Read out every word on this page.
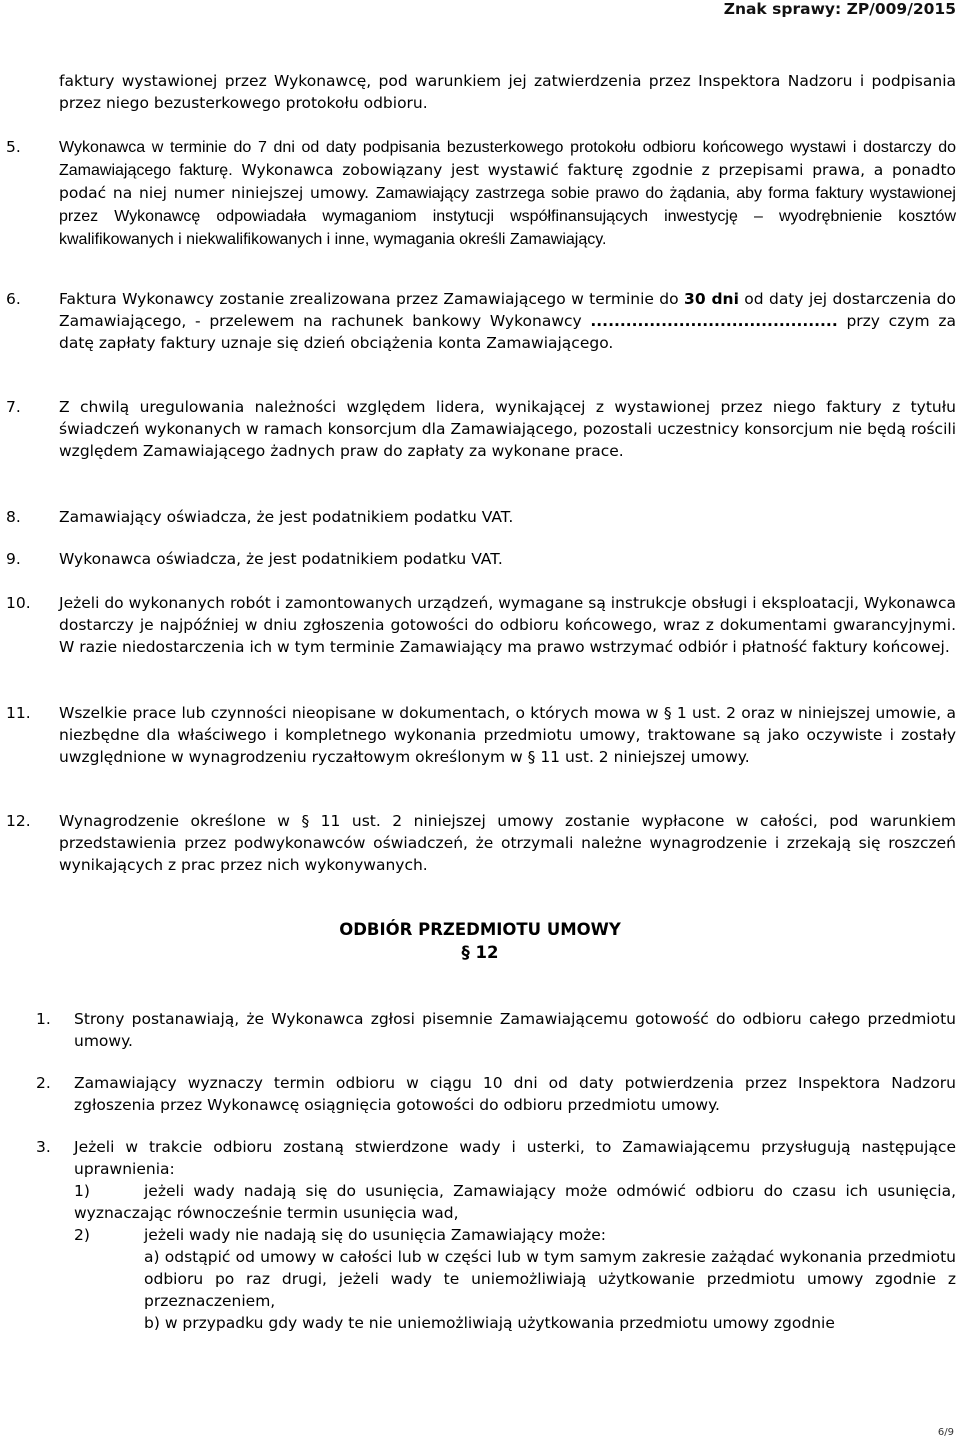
Znak sprawy: ZP/009/2015
faktury wystawionej przez Wykonawcę, pod warunkiem jej zatwierdzenia przez Inspektora Nadzoru i podpisania przez niego bezusterkowego protokołu odbioru.
5. Wykonawca w terminie do 7 dni od daty podpisania bezusterkowego protokołu odbioru końcowego wystawi i dostarczy do Zamawiającego fakturę. Wykonawca zobowiązany jest wystawić fakturę zgodnie z przepisami prawa, a ponadto podać na niej numer niniejszej umowy. Zamawiający zastrzega sobie prawo do żądania, aby forma faktury wystawionej przez Wykonawcę odpowiadała wymaganiom instytucji współfinansujących inwestycję – wyodrębnienie kosztów kwalifikowanych i niekwalifikowanych i inne, wymagania określi Zamawiający.
6. Faktura Wykonawcy zostanie zrealizowana przez Zamawiającego w terminie do 30 dni od daty jej dostarczenia do Zamawiającego, - przelewem na rachunek bankowy Wykonawcy .......................................... przy czym za datę zapłaty faktury uznaje się dzień obciążenia konta Zamawiającego.
7. Z chwilą uregulowania należności względem lidera, wynikającej z wystawionej przez niego faktury z tytułu świadczeń wykonanych w ramach konsorcjum dla Zamawiającego, pozostali uczestnicy konsorcjum nie będą rościli względem Zamawiającego żadnych praw do zapłaty za wykonane prace.
8. Zamawiający oświadcza, że jest podatnikiem podatku VAT.
9. Wykonawca oświadcza, że jest podatnikiem podatku VAT.
10. Jeżeli do wykonanych robót i zamontowanych urządzeń, wymagane są instrukcje obsługi i eksploatacji, Wykonawca dostarczy je najpóźniej w dniu zgłoszenia gotowości do odbioru końcowego, wraz z dokumentami gwarancyjnymi. W razie niedostarczenia ich w tym terminie Zamawiający ma prawo wstrzymać odbiór i płatność faktury końcowej.
11. Wszelkie prace lub czynności nieopisane w dokumentach, o których mowa w § 1 ust. 2 oraz w niniejszej umowie, a niezbędne dla właściwego i kompletnego wykonania przedmiotu umowy, traktowane są jako oczywiste i zostały uwzględnione w wynagrodzeniu ryczałtowym określonym w § 11 ust. 2 niniejszej umowy.
12. Wynagrodzenie określone w § 11 ust. 2 niniejszej umowy zostanie wypłacone w całości, pod warunkiem przedstawienia przez podwykonawców oświadczeń, że otrzymali należne wynagrodzenie i zrzekają się roszczeń wynikających z prac przez nich wykonywanych.
ODBIÓR PRZEDMIOTU UMOWY
§ 12
1. Strony postanawiają, że Wykonawca zgłosi pisemnie Zamawiającemu gotowość do odbioru całego przedmiotu umowy.
2. Zamawiający wyznaczy termin odbioru w ciągu 10 dni od daty potwierdzenia przez Inspektora Nadzoru zgłoszenia przez Wykonawcę osiągnięcia gotowości do odbioru przedmiotu umowy.
3. Jeżeli w trakcie odbioru zostaną stwierdzone wady i usterki, to Zamawiającemu przysługują następujące uprawnienia:
1)	jeżeli wady nadają się do usunięcia, Zamawiający może odmówić odbioru do czasu ich usunięcia, wyznaczając równocześnie termin usunięcia wad,
2)	jeżeli wady nie nadają się do usunięcia Zamawiający może:
a) odstąpić od umowy w całości lub w części lub w tym samym zakresie zażądać wykonania przedmiotu odbioru po raz drugi, jeżeli wady te uniemożliwiają użytkowanie przedmiotu umowy zgodnie z przeznaczeniem,
b) w przypadku gdy wady te nie uniemożliwiają użytkowania przedmiotu umowy zgodnie
6/9
